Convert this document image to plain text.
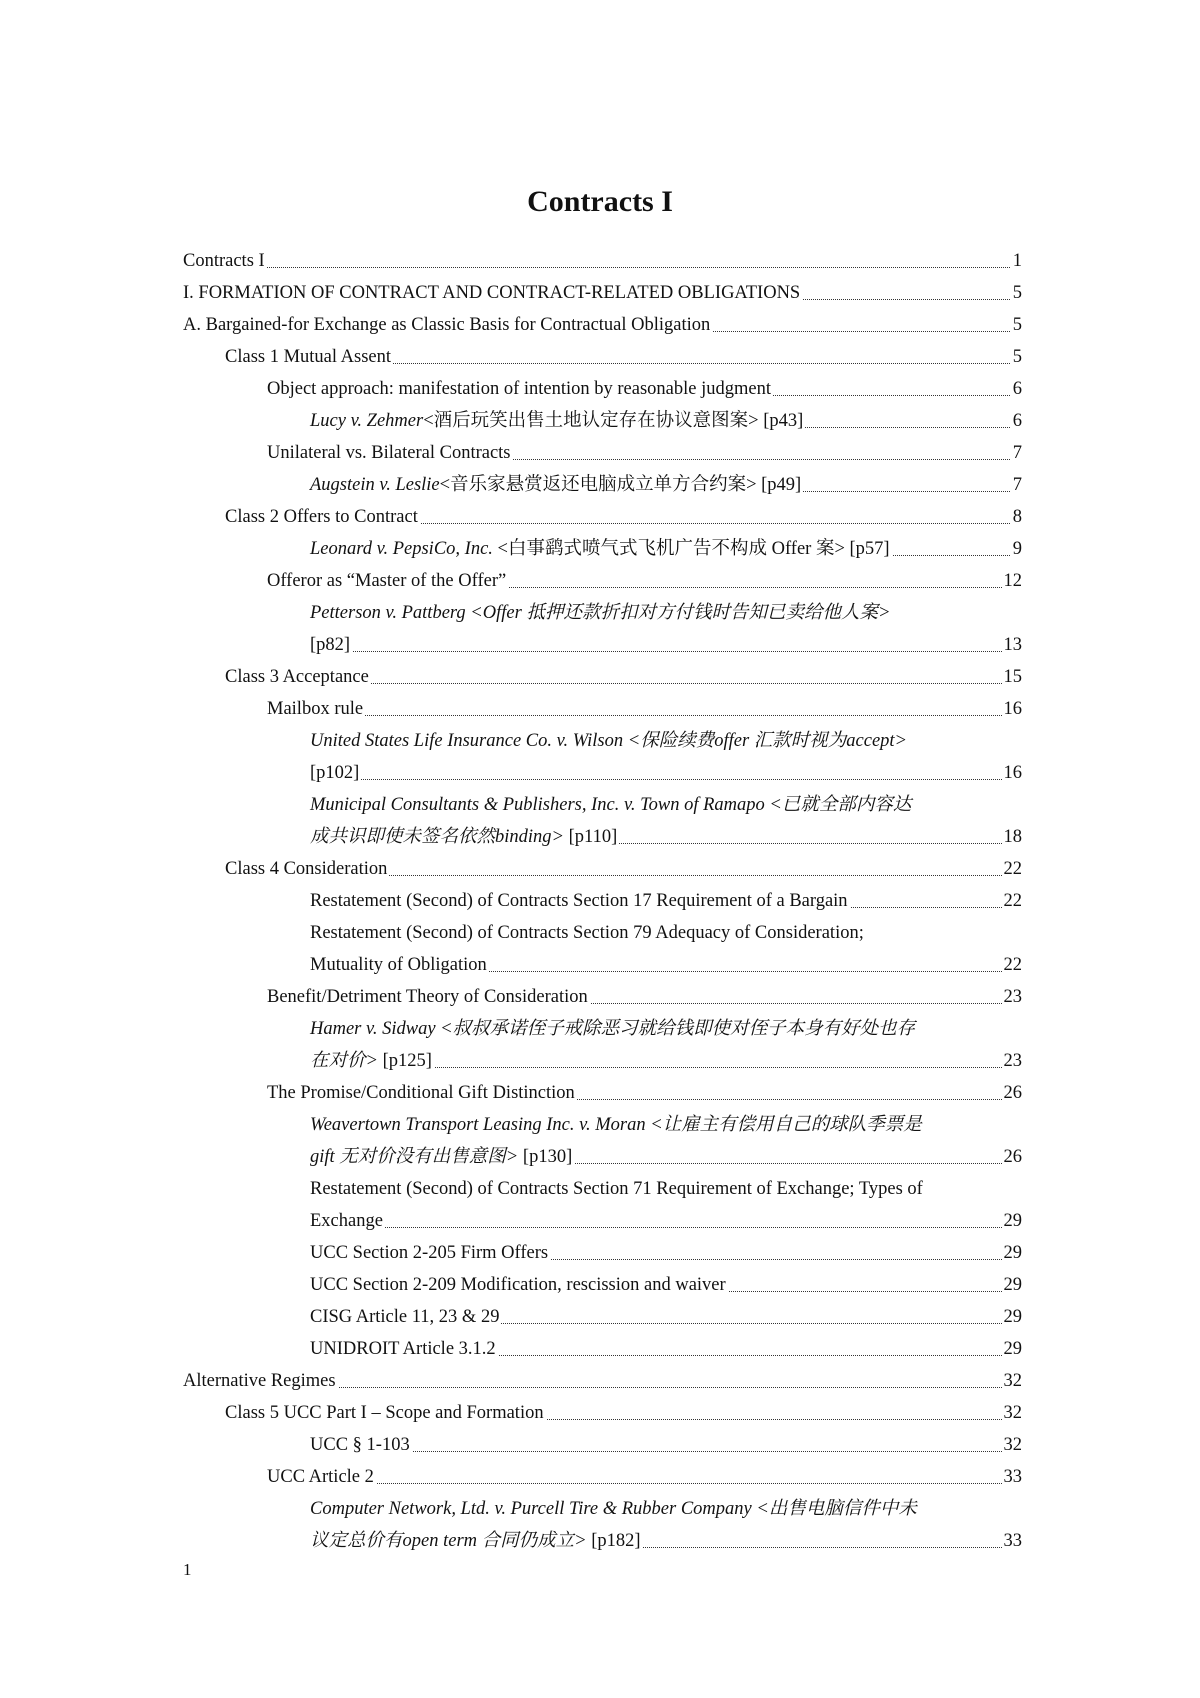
Contracts I
Contracts I	1
I. FORMATION OF CONTRACT AND CONTRACT-RELATED OBLIGATIONS	5
A. Bargained-for Exchange as Classic Basis for Contractual Obligation	5
Class 1 Mutual Assent	5
Object approach: manifestation of intention by reasonable judgment	6
Lucy v. Zehmer<酒后玩笑出售土地认定存在协议意图案> [p43]	6
Unilateral vs. Bilateral Contracts	7
Augstein v. Leslie<音乐家悬赏返还电脑成立单方合约案> [p49]	7
Class 2 Offers to Contract	8
Leonard v. PepsiCo, Inc. <白事鹞式喷气式飞机广告不构成 Offer 案> [p57]	9
Offeror as “Master of the Offer”	12
Petterson v. Pattberg <Offer 抵押还款折扣对方付钱时告知已卖给他人案>
[p82]	13
Class 3 Acceptance	15
Mailbox rule	16
United States Life Insurance Co. v. Wilson <保险续费offer 汇款时视为accept>
[p102]	16
Municipal Consultants & Publishers, Inc. v. Town of Ramapo <已就全部内容达
成共识即使未签名依然binding> [p110]	18
Class 4 Consideration	22
Restatement (Second) of Contracts Section 17 Requirement of a Bargain	22
Restatement (Second) of Contracts Section 79 Adequacy of Consideration;
Mutuality of Obligation	22
Benefit/Detriment Theory of Consideration	23
Hamer v. Sidway <叔叔承诺侄子戒除恶习就给钱即使对侄子本身有好处也存
在对价> [p125]	23
The Promise/Conditional Gift Distinction	26
Weavertown Transport Leasing Inc. v. Moran <让雇主有偿用自己的球队季票是
gift 无对价没有出售意图> [p130]	26
Restatement (Second) of Contracts Section 71 Requirement of Exchange; Types of
Exchange	29
UCC Section 2-205 Firm Offers	29
UCC Section 2-209 Modification, rescission and waiver	29
CISG Article 11, 23 & 29	29
UNIDROIT Article 3.1.2	29
Alternative Regimes	32
Class 5 UCC Part I – Scope and Formation	32
UCC § 1-103	32
UCC Article 2	33
Computer Network, Ltd. v. Purcell Tire & Rubber Company <出售电脑信件中未
议定总价有open term 合同仍成立> [p182]	33
1
